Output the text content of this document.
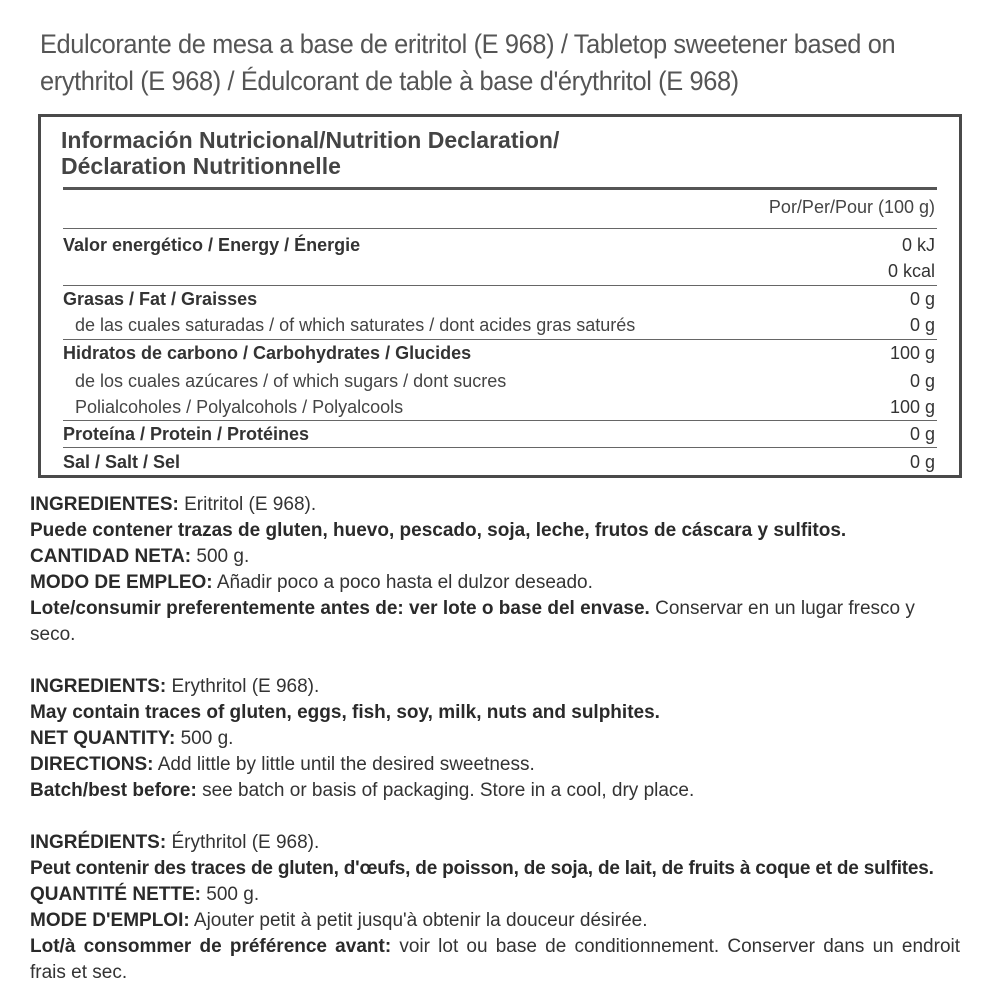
Edulcorante de mesa a base de eritritol (E 968) / Tabletop sweetener based on
erythritol (E 968) / Édulcorant de table à base d'érythritol (E 968)
Información Nutricional/Nutrition Declaration/
Déclaration Nutritionnelle
Por/Per/Pour (100 g)
Valor energético / Energy / Énergie	0 kJ
0 kcal
Grasas / Fat / Graisses	0 g
de las cuales saturadas / of which saturates / dont acides gras saturés	0 g
Hidratos de carbono / Carbohydrates / Glucides	100 g
de los cuales azúcares / of which sugars / dont sucres	0 g
Polialcoholes / Polyalcohols / Polyalcools	100 g
Proteína / Protein / Protéines	0 g
Sal / Salt / Sel	0 g

INGREDIENTES: Eritritol (E 968).

Puede contener trazas de gluten, huevo, pescado, soja, leche, frutos de cáscara y sulfitos.

CANTIDAD NETA: 500 g.

MODO DE EMPLEO: Añadir poco a poco hasta el dulzor deseado.

Lote/consumir preferentemente antes de: ver lote o base del envase. Conservar en un lugar fresco y seco.

INGREDIENTS: Erythritol (E 968).

May contain traces of gluten, eggs, fish, soy, milk, nuts and sulphites.

NET QUANTITY: 500 g.

DIRECTIONS: Add little by little until the desired sweetness.

Batch/best before: see batch or basis of packaging. Store in a cool, dry place.

INGRÉDIENTS: Érythritol (E 968).

Peut contenir des traces de gluten, d'œufs, de poisson, de soja, de lait, de fruits à coque et de sulfites.

QUANTITÉ NETTE: 500 g.

MODE D'EMPLOI: Ajouter petit à petit jusqu'à obtenir la douceur désirée.

Lot/à consommer de préférence avant: voir lot ou base de conditionnement. Conserver dans un endroit frais et sec.
